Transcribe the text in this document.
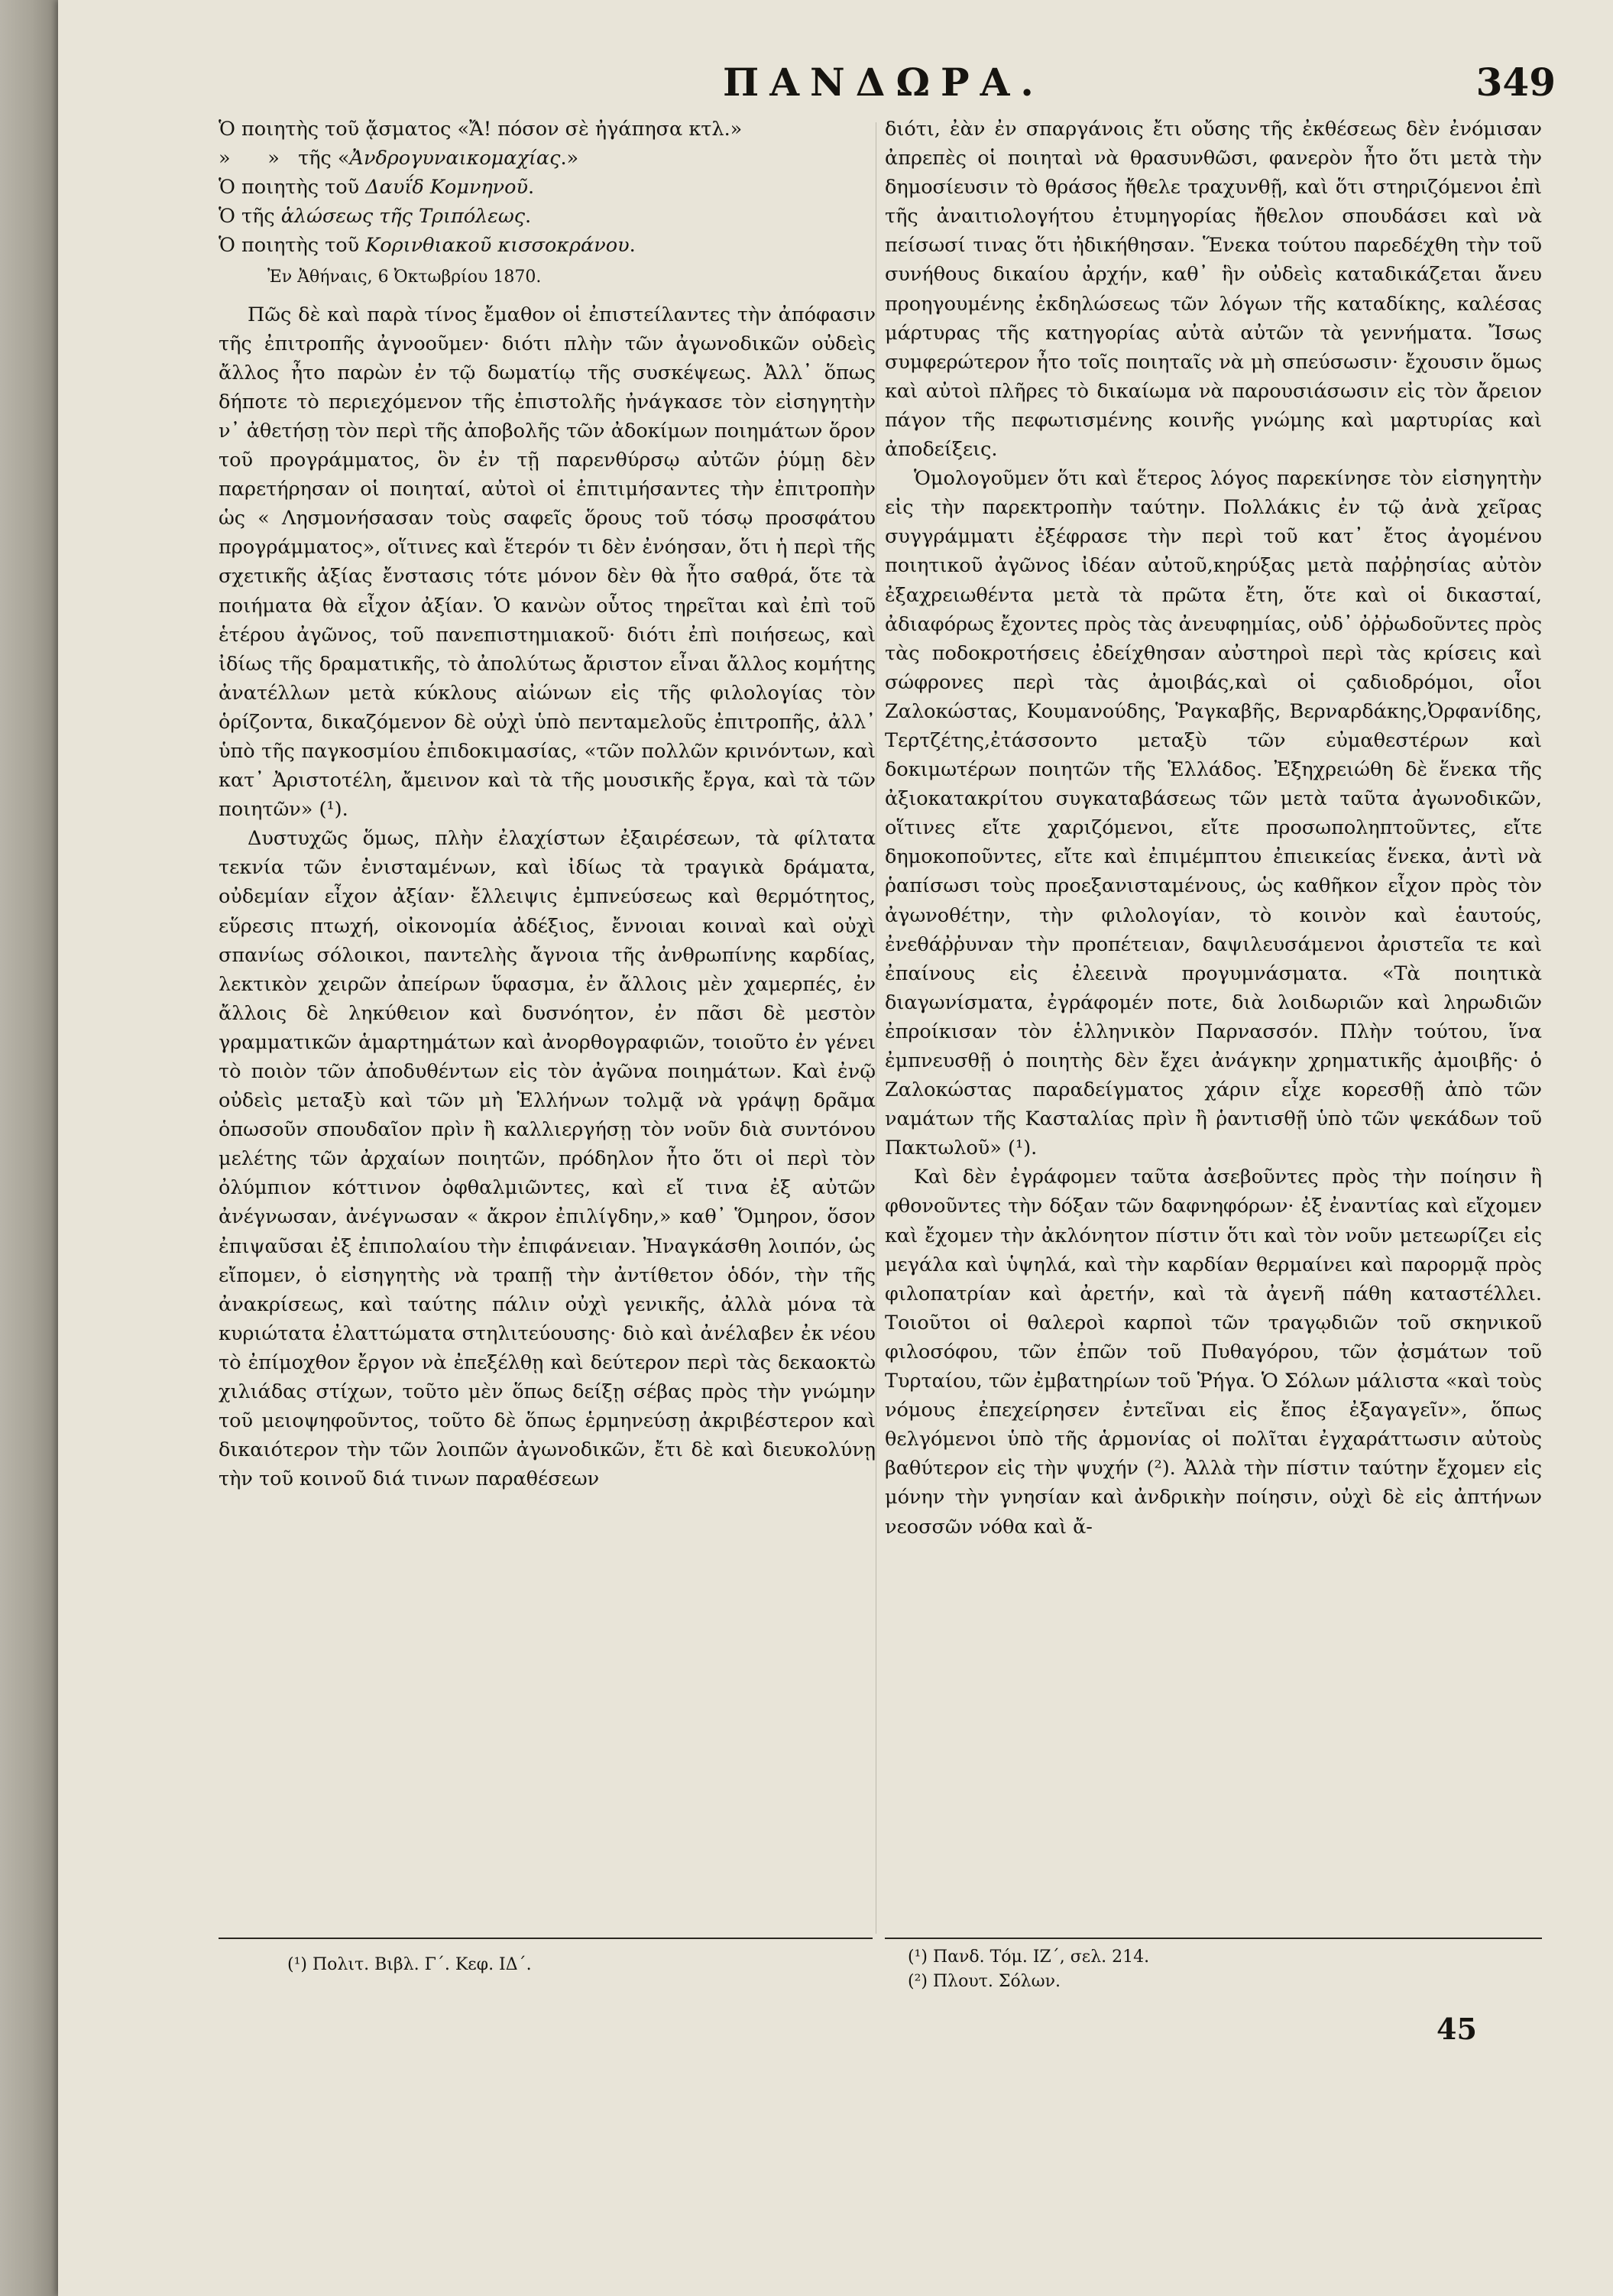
ΠΑΝΔΩΡΑ.	349
Ὁ ποιητὴς τοῦ ᾄσματος «Ἄ! πόσον σὲ ἠγάπησα κτλ.»
»      »   τῆς «Ἀνδρογυναικομαχίας.»
Ὁ ποιητὴς τοῦ Δαυΐδ Κομνηνοῦ.
Ὁ τῆς ἁλώσεως τῆς Τριπόλεως.
Ὁ ποιητὴς τοῦ Κορινθιακοῦ κισσοκράνου.
Ἐν Ἀθήναις, 6 Ὀκτωβρίου 1870.

Πῶς δὲ καὶ παρὰ τίνος ἔμαθον οἱ ἐπιστείλαντες τὴν ἀπόφασιν τῆς ἐπιτροπῆς ἀγνοοῦμεν· διότι πλὴν τῶν ἀγωνοδικῶν οὐδεὶς ἄλλος ἦτο παρὼν ἐν τῷ δωματίῳ τῆς συσκέψεως. Ἀλλ᾽ ὅπως δήποτε τὸ περιεχόμενον τῆς ἐπιστολῆς ἠνάγκασε τὸν εἰσηγητὴν ν᾽ ἀθετήσῃ τὸν περὶ τῆς ἀποβολῆς τῶν ἀδοκίμων ποιημάτων ὅρον τοῦ προγράμματος, ὃν ἐν τῇ παρενθύρσῳ αὐτῶν ῥύμῃ δὲν παρετήρησαν οἱ ποιηταί, αὐτοὶ οἱ ἐπιτιμήσαντες τὴν ἐπιτροπὴν ὡς « Λησμονήσασαν τοὺς σαφεῖς ὅρους τοῦ τόσῳ προσφάτου προγράμματος», οἵτινες καὶ ἕτερόν τι δὲν ἐνόησαν, ὅτι ἡ περὶ τῆς σχετικῆς ἀξίας ἔνστασις τότε μόνον δὲν θὰ ἦτο σαθρά, ὅτε τὰ ποιήματα θὰ εἶχον ἀξίαν. Ὁ κανὼν οὗτος τηρεῖται καὶ ἐπὶ τοῦ ἑτέρου ἀγῶνος, τοῦ πανεπιστημιακοῦ· διότι ἐπὶ ποιήσεως, καὶ ἰδίως τῆς δραματικῆς, τὸ ἀπολύτως ἄριστον εἶναι ἄλλος κομήτης ἀνατέλλων μετὰ κύκλους αἰώνων εἰς τῆς φιλολογίας τὸν ὁρίζοντα, δικαζόμενον δὲ οὐχὶ ὑπὸ πενταμελοῦς ἐπιτροπῆς, ἀλλ᾽ ὑπὸ τῆς παγκοσμίου ἐπιδοκιμασίας, «τῶν πολλῶν κρινόντων, καὶ κατ᾽ Ἀριστοτέλη, ἄμεινον καὶ τὰ τῆς μουσικῆς ἔργα, καὶ τὰ τῶν ποιητῶν» (¹).

Δυστυχῶς ὅμως, πλὴν ἐλαχίστων ἐξαιρέσεων, τὰ φίλτατα τεκνία τῶν ἐνισταμένων, καὶ ἰδίως τὰ τραγικὰ δράματα, οὐδεμίαν εἶχον ἀξίαν· ἔλλειψις ἐμπνεύσεως καὶ θερμότητος, εὕρεσις πτωχή, οἰκονομία ἀδέξιος, ἔννοιαι κοιναὶ καὶ οὐχὶ σπανίως σόλοικοι, παντελὴς ἄγνοια τῆς ἀνθρωπίνης καρδίας, λεκτικὸν χειρῶν ἀπείρων ὕφασμα, ἐν ἄλλοις μὲν χαμερπές, ἐν ἄλλοις δὲ ληκύθειον καὶ δυσνόητον, ἐν πᾶσι δὲ μεστὸν γραμματικῶν ἁμαρτημάτων καὶ ἀνορθογραφιῶν, τοιοῦτο ἐν γένει τὸ ποιὸν τῶν ἀποδυθέντων εἰς τὸν ἀγῶνα ποιημάτων. Καὶ ἐνῷ οὐδεὶς μεταξὺ καὶ τῶν μὴ Ἑλλήνων τολμᾷ νὰ γράψῃ δρᾶμα ὁπωσοῦν σπουδαῖον πρὶν ἢ καλλιεργήσῃ τὸν νοῦν διὰ συντόνου μελέτης τῶν ἀρχαίων ποιητῶν, πρόδηλον ἦτο ὅτι οἱ περὶ τὸν ὀλύμπιον κόττινον ὀφθαλμιῶντες, καὶ εἴ τινα ἐξ αὐτῶν ἀνέγνωσαν, ἀνέγνωσαν « ἄκρον ἐπιλίγδην,» καθ᾽ Ὅμηρον, ὅσον ἐπιψαῦσαι ἐξ ἐπιπολαίου τὴν ἐπιφάνειαν. Ἠναγκάσθη λοιπόν, ὡς εἴπομεν, ὁ εἰσηγητὴς νὰ τραπῇ τὴν ἀντίθετον ὁδόν, τὴν τῆς ἀνακρίσεως, καὶ ταύτης πάλιν οὐχὶ γενικῆς, ἀλλὰ μόνα τὰ κυριώτατα ἐλαττώματα στηλιτεύουσης· διὸ καὶ ἀνέλαβεν ἐκ νέου τὸ ἐπίμοχθον ἔργον νὰ ἐπεξέλθῃ καὶ δεύτερον περὶ τὰς δεκαοκτὼ χιλιάδας στίχων, τοῦτο μὲν ὅπως δείξῃ σέβας πρὸς τὴν γνώμην τοῦ μειοψηφοῦντος, τοῦτο δὲ ὅπως ἑρμηνεύσῃ ἀκριβέστερον καὶ δικαιότερον τὴν τῶν λοιπῶν ἀγωνοδικῶν, ἔτι δὲ καὶ διευκολύνῃ τὴν τοῦ κοινοῦ διά τινων παραθέσεων

διότι, ἐὰν ἐν σπαργάνοις ἔτι οὔσης τῆς ἐκθέσεως δὲν ἐνόμισαν ἀπρεπὲς οἱ ποιηταὶ νὰ θρασυνθῶσι, φανερὸν ἦτο ὅτι μετὰ τὴν δημοσίευσιν τὸ θράσος ἤθελε τραχυνθῇ, καὶ ὅτι στηριζόμενοι ἐπὶ τῆς ἀναιτιολογήτου ἐτυμηγορίας ἤθελον σπουδάσει καὶ νὰ πείσωσί τινας ὅτι ἠδικήθησαν. Ἕνεκα τούτου παρεδέχθη τὴν τοῦ συνήθους δικαίου ἀρχήν, καθ᾽ ἣν οὐδεὶς καταδικάζεται ἄνευ προηγουμένης ἐκδηλώσεως τῶν λόγων τῆς καταδίκης, καλέσας μάρτυρας τῆς κατηγορίας αὐτὰ αὐτῶν τὰ γεννήματα. Ἴσως συμφερώτερον ἦτο τοῖς ποιηταῖς νὰ μὴ σπεύσωσιν· ἔχουσιν ὅμως καὶ αὐτοὶ πλῆρες τὸ δικαίωμα νὰ παρουσιάσωσιν εἰς τὸν ἄρειον πάγον τῆς πεφωτισμένης κοινῆς γνώμης καὶ μαρτυρίας καὶ ἀποδείξεις.

Ὁμολογοῦμεν ὅτι καὶ ἕτερος λόγος παρεκίνησε τὸν εἰσηγητὴν εἰς τὴν παρεκτροπὴν ταύτην. Πολλάκις ἐν τῷ ἀνὰ χεῖρας συγγράμματι ἐξέφρασε τὴν περὶ τοῦ κατ᾽ ἔτος ἀγομένου ποιητικοῦ ἀγῶνος ἰδέαν αὐτοῦ,κηρύξας μετὰ παῤῥησίας αὐτὸν ἐξαχρειωθέντα μετὰ τὰ πρῶτα ἔτη, ὅτε καὶ οἱ δικασταί, ἀδιαφόρως ἔχοντες πρὸς τὰς ἀνευφημίας, οὐδ᾽ ὀῤῥωδοῦντες πρὸς τὰς ποδοκροτήσεις ἐδείχθησαν αὐστηροὶ περὶ τὰς κρίσεις καὶ σώφρονες περὶ τὰς ἀμοιβάς,καὶ οἱ ςαδιοδρόμοι, οἷοι Ζαλοκώστας, Κουμανούδης, Ῥαγκαβῆς, Βερναρδάκης,Ὀρφανίδης, Τερτζέτης,ἐτάσσοντο μεταξὺ τῶν εὐμαθεστέρων καὶ δοκιμωτέρων ποιητῶν τῆς Ἑλλάδος. Ἐξηχρειώθη δὲ ἕνεκα τῆς ἀξιοκατακρίτου συγκαταβάσεως τῶν μετὰ ταῦτα ἀγωνοδικῶν, οἵτινες εἴτε χαριζόμενοι, εἴτε προσωποληπτοῦντες, εἴτε δημοκοποῦντες, εἴτε καὶ ἐπιμέμπτου ἐπιεικείας ἕνεκα, ἀντὶ νὰ ῥαπίσωσι τοὺς προεξανισταμένους, ὡς καθῆκον εἶχον πρὸς τὸν ἀγωνοθέτην, τὴν φιλολογίαν, τὸ κοινὸν καὶ ἑαυτούς, ἐνεθάῤῥυναν τὴν προπέτειαν, δαψιλευσάμενοι ἀριστεῖα τε καὶ ἐπαίνους εἰς ἐλεεινὰ προγυμνάσματα. «Τὰ ποιητικὰ διαγωνίσματα, ἐγράφομέν ποτε, διὰ λοιδωριῶν καὶ ληρωδιῶν ἐπροίκισαν τὸν ἑλληνικὸν Παρνασσόν. Πλὴν τούτου, ἵνα ἐμπνευσθῇ ὁ ποιητὴς δὲν ἔχει ἀνάγκην χρηματικῆς ἀμοιβῆς· ὁ Ζαλοκώστας παραδείγματος χάριν εἶχε κορεσθῇ ἀπὸ τῶν ναμάτων τῆς Κασταλίας πρὶν ἢ ῥαντισθῇ ὑπὸ τῶν ψεκάδων τοῦ Πακτωλοῦ» (¹).

Καὶ δὲν ἐγράφομεν ταῦτα ἀσεβοῦντες πρὸς τὴν ποίησιν ἢ φθονοῦντες τὴν δόξαν τῶν δαφνηφόρων· ἐξ ἐναντίας καὶ εἴχομεν καὶ ἔχομεν τὴν ἀκλόνητον πίστιν ὅτι καὶ τὸν νοῦν μετεωρίζει εἰς μεγάλα καὶ ὑψηλά, καὶ τὴν καρδίαν θερμαίνει καὶ παρορμᾷ πρὸς φιλοπατρίαν καὶ ἀρετήν, καὶ τὰ ἀγενῆ πάθη καταστέλλει. Τοιοῦτοι οἱ θαλεροὶ καρποὶ τῶν τραγῳδιῶν τοῦ σκηνικοῦ φιλοσόφου, τῶν ἐπῶν τοῦ Πυθαγόρου, τῶν ᾀσμάτων τοῦ Τυρταίου, τῶν ἐμβατηρίων τοῦ Ῥήγα. Ὁ Σόλων μάλιστα «καὶ τοὺς νόμους ἐπεχείρησεν ἐντεῖναι εἰς ἔπος ἐξαγαγεῖν», ὅπως θελγόμενοι ὑπὸ τῆς ἁρμονίας οἱ πολῖται ἐγχαράττωσιν αὐτοὺς βαθύτερον εἰς τὴν ψυχήν (²). Ἀλλὰ τὴν πίστιν ταύτην ἔχομεν εἰς μόνην τὴν γνησίαν καὶ ἀνδρικὴν ποίησιν, οὐχὶ δὲ εἰς ἀπτήνων νεοσσῶν νόθα καὶ ἄ-

(¹) Πολιτ. Βιβλ. Γ΄. Κεφ. ΙΔ΄.	(¹) Πανδ. Τόμ. ΙΖ΄, σελ. 214.
(²) Πλουτ. Σόλων.
45
